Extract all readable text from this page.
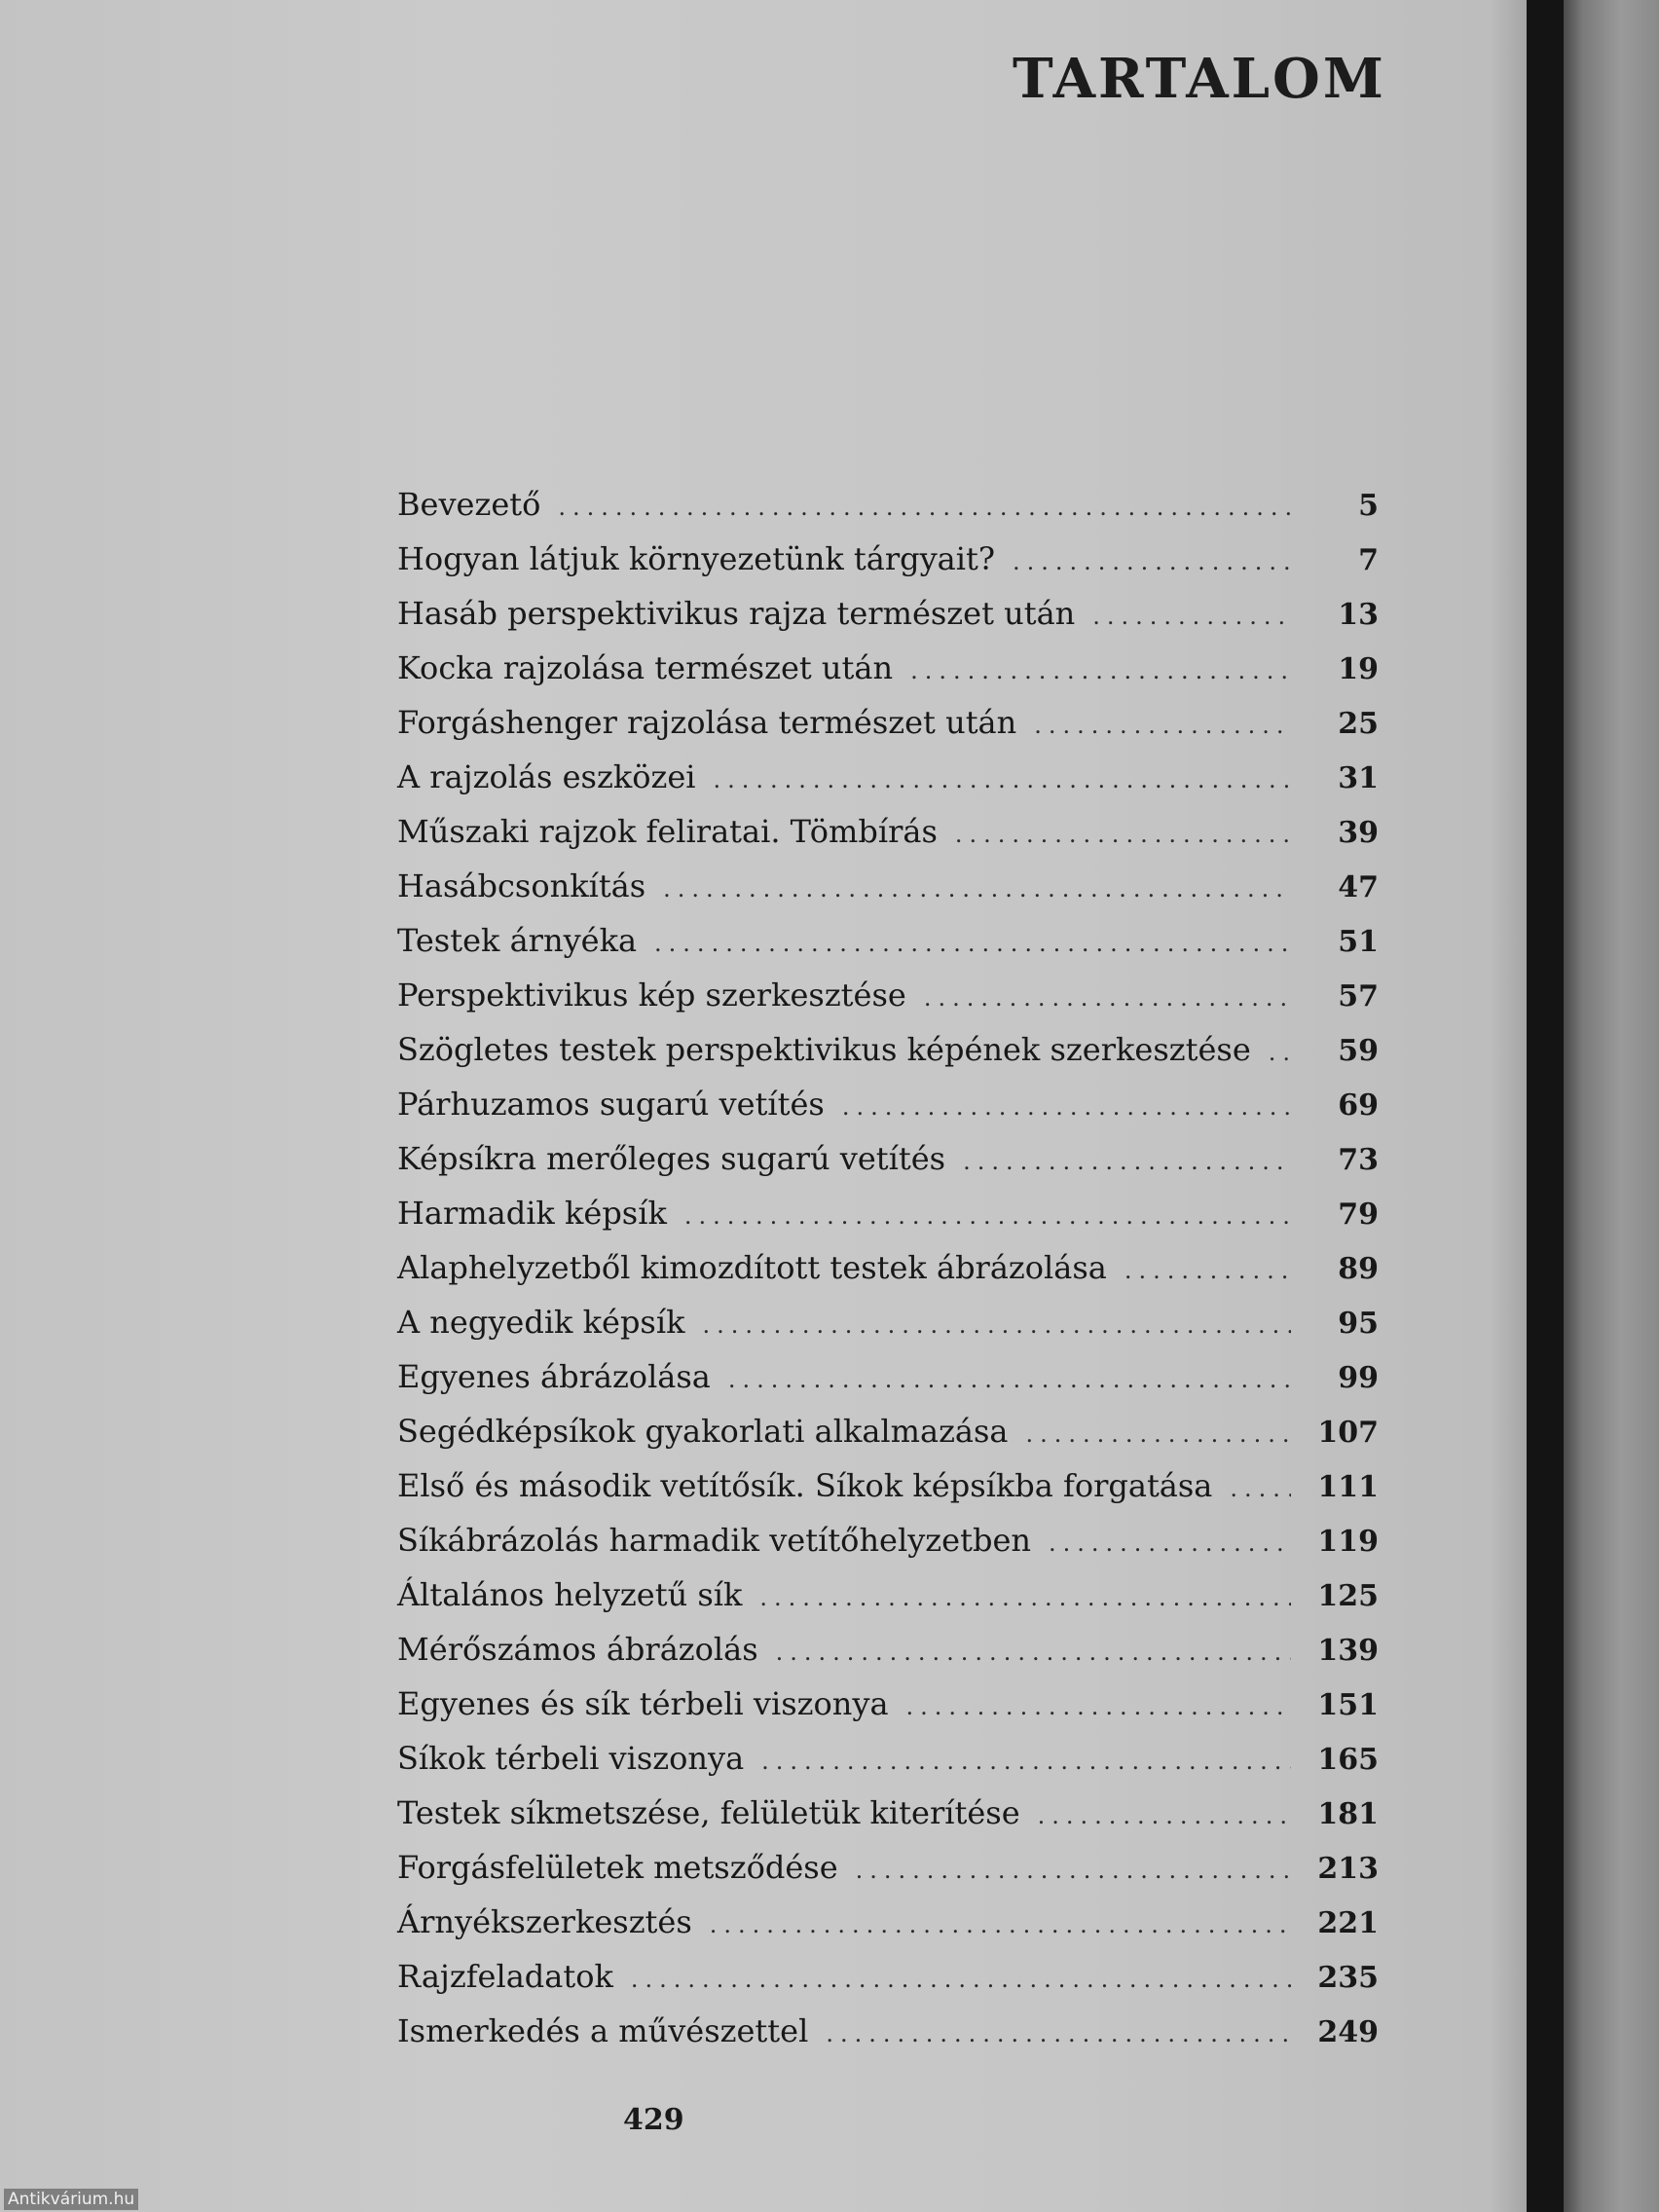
TARTALOM
Bevezető .....	5
Hogyan látjuk környezetünk tárgyait? .....	7
Hasáb perspektivikus rajza természet után .....	13
Kocka rajzolása természet után .....	19
Forgáshenger rajzolása természet után .....	25
A rajzolás eszközei .....	31
Műszaki rajzok feliratai. Tömbírás .....	39
Hasábcsonkítás .....	47
Testek árnyéka .....	51
Perspektivikus kép szerkesztése .....	57
Szögletes testek perspektivikus képének szerkesztése .....	59
Párhuzamos sugarú vetítés .....	69
Képsíkra merőleges sugarú vetítés .....	73
Harmadik képsík .....	79
Alaphelyzetből kimozdított testek ábrázolása .....	89
A negyedik képsík .....	95
Egyenes ábrázolása .....	99
Segédképsíkok gyakorlati alkalmazása .....	107
Első és második vetítősík. Síkok képsíkba forgatása .....	111
Síkábrázolás harmadik vetítőhelyzetben .....	119
Általános helyzetű sík .....	125
Mérőszámos ábrázolás .....	139
Egyenes és sík térbeli viszonya .....	151
Síkok térbeli viszonya .....	165
Testek síkmetszése, felületük kiterítése .....	181
Forgásfelületek metsződése .....	213
Árnyékszerkesztés .....	221
Rajzfeladatok .....	235
Ismerkedés a művészettel .....	249
429
Antikvárium.hu
